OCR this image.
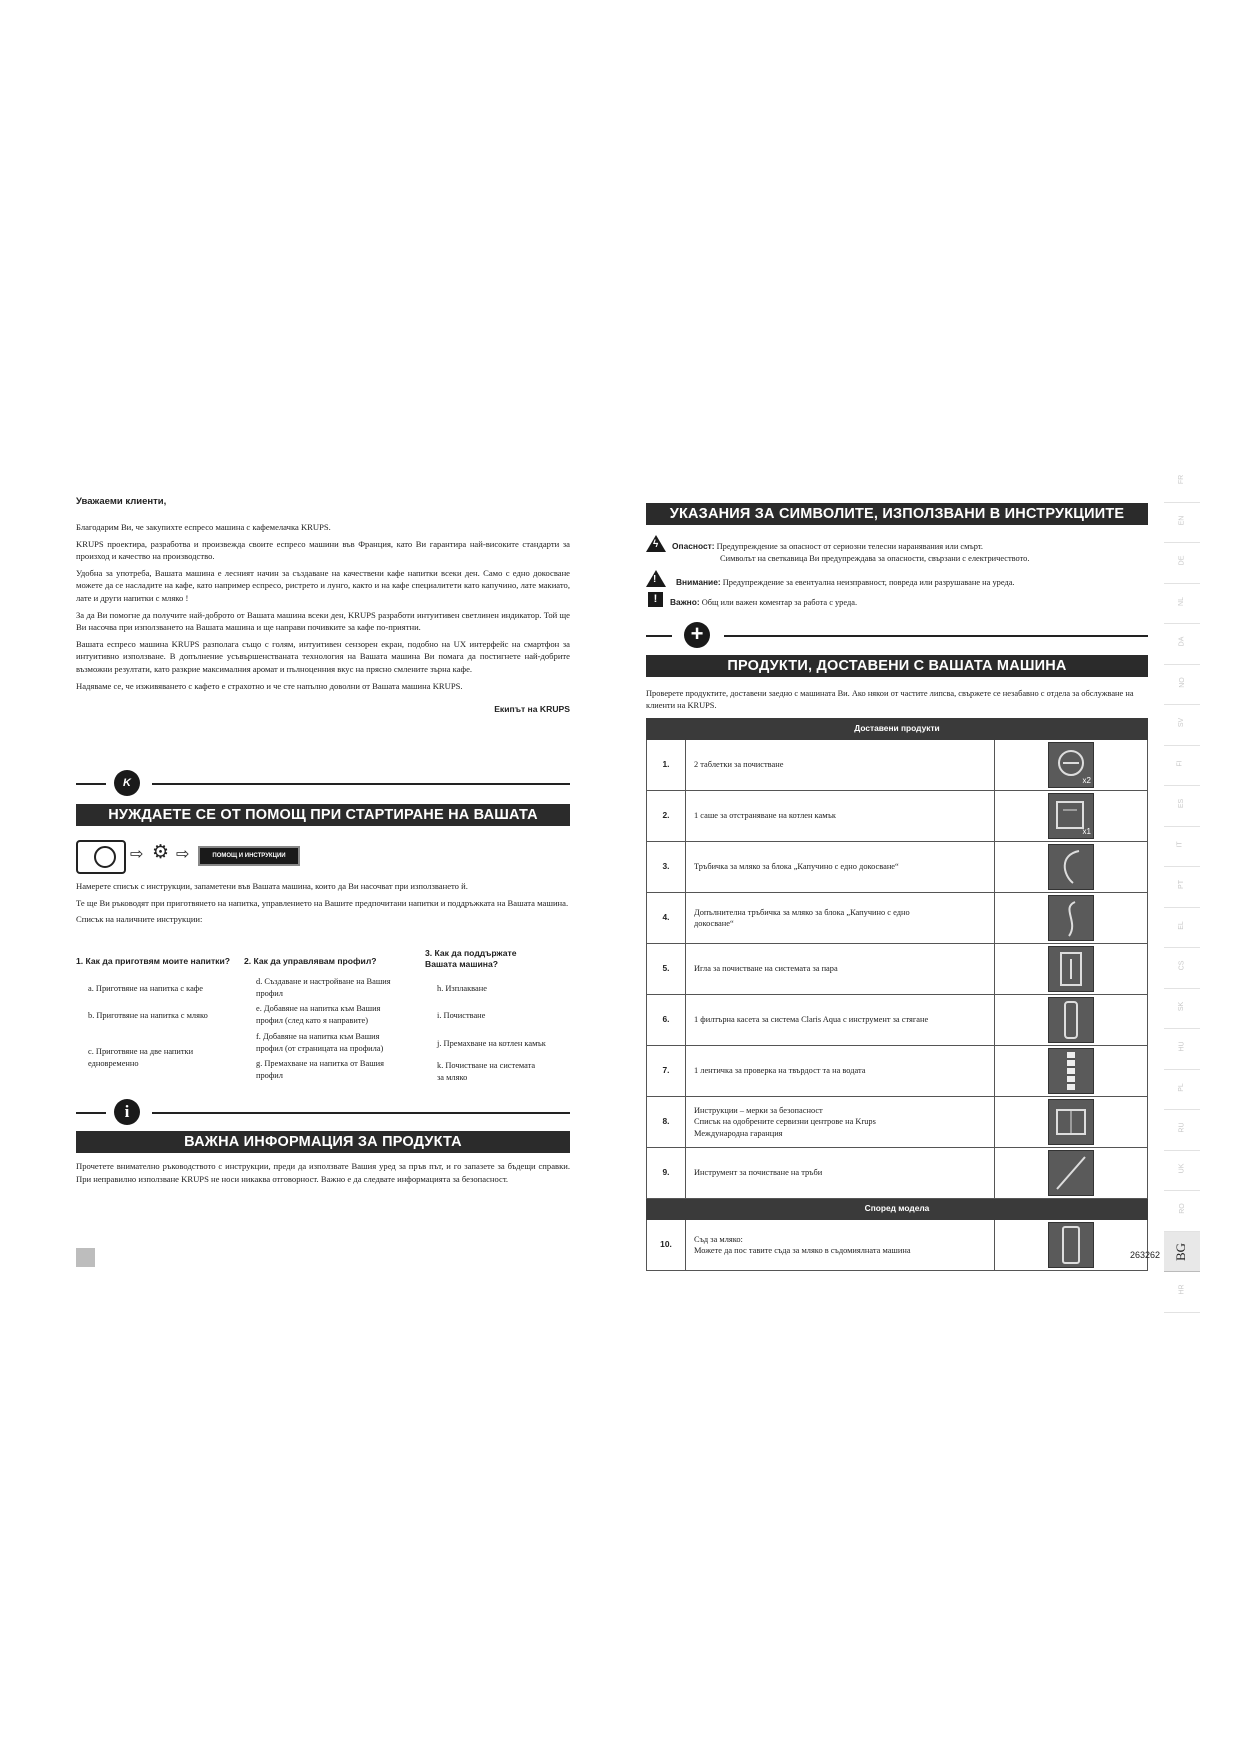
Уважаеми клиенти,

Благодарим Ви, че закупихте еспресо машина с кафемелачка KRUPS.

KRUPS проектира, разработва и произвежда своите еспресо машини във Франция, като Ви гарантира най-високите стандарти за произход и качество на производство.

Удобна за употреба, Вашата машина е лесният начин за създаване на качествени кафе напитки всеки ден. Само с едно докосване можете да се насладите на кафе, като например еспресо, ристрето и лунго, както и на кафе специалитети като капучино, лате макиато, лате и други напитки с мляко !

За да Ви помогне да получите най-доброто от Вашата машина всеки ден, KRUPS разработи интуитивен светлинен индикатор. Той ще Ви насочва при използването на Вашата машина и ще направи почивките за кафе по-приятни.

Вашата еспресо машина KRUPS разполага също с голям, интуитивен сензорен екран, подобно на UX интерфейс на смартфон за интуитивно използване. В допълнение усъвършенстваната технология на Вашата машина Ви помага да постигнете най-добрите възможни резултати, като разкрие максималния аромат и пълноценния вкус на прясно смлените зърна кафе.

Надяваме се, че изживяването с кафето е страхотно и че сте напълно доволни от Вашата машина KRUPS.

Екипът на KRUPS
K
НУЖДАЕТЕ СЕ ОТ ПОМОЩ ПРИ СТАРТИРАНЕ НА ВАШАТА МАШИНА?
⇨ ⚙ ⇨	ПОМОЩ И ИНСТРУКЦИИ

Намерете списък с инструкции, запаметени във Вашата машина, които да Ви насочват при използването й.

Те ще Ви ръководят при приготвянето на напитка, управлението на Вашите предпочитани напитки и поддръжката на Вашата машина.

Списък на наличните инструкции:

1. Как да приготвям моите напитки?
a. Приготвяне на напитка с кафе
b. Приготвяне на напитка с мляко
c. Приготвяне на две напитки
едновременно
2. Как да управлявам профил?
d. Създаване и настройване на Вашия
профил
e. Добавяне на напитка към Вашия
профил (след като я направите)
f. Добавяне на напитка към Вашия
профил (от страницата на профила)
g. Премахване на напитка от Вашия
профил
3. Как да поддържате
Вашата машина?
h. Изплакване
i. Почистване
j. Премахване на котлен камък
k. Почистване на системата
за мляко
i
ВАЖНА ИНФОРМАЦИЯ ЗА ПРОДУКТА

Прочетете внимателно ръководството с инструкции, преди да използвате Вашия уред за пръв път, и го запазете за бъдещи справки. При неправилно използване KRUPS не носи никаква отговорност. Важно е да следвате информацията за безопасност.

УКАЗАНИЯ ЗА СИМВОЛИТЕ, ИЗПОЛЗВАНИ В ИНСТРУКЦИИТЕ
ϟ Опасност: Предупреждение за опасност от сериозни телесни наранявания или смърт.
Символът на светкавица Ви предупреждава за опасности, свързани с електричеството.
! Внимание: Предупреждение за евентуална неизправност, повреда или разрушаване на уреда.
!	Важно: Общ или важен коментар за работа с уреда.
+
ПРОДУКТИ, ДОСТАВЕНИ С ВАШАТА МАШИНА
Проверете продуктите, доставени заедно с машината Ви. Ако някои от частите липсва, свържете се незабавно с отдела за обслужване на клиенти на KRUPS.
Доставени продукти		
1.	2 таблетки за почистване	x2

2.	1 саше за отстраняване на котлен камък	x1

3.	Тръбичка за мляко за блока „Капучино с едно докосване“	

4.	Допълнителна тръбичка за мляко за блока „Капучино с едно
докосване“	

5.	Игла за почистване на системата за пара	

6.	1 филтърна касета за система Claris Aqua с инструмент за стягане	

7.	1 лентичка за проверка на твърдост та на водата	

8.	Инструкции – мерки за безопасност
Списък на одобрените сервизни центрове на Krups
Международна гаранция	

9.	Инструмент за почистване на тръби	

Според модела		
10.	Съд за мляко:
Можете да пос тавите съда за мляко в съдомиялната машина		263262
FR
EN
DE
NL
DA
NO
SV
FI
ES
IT
PT
EL
CS
SK
HU
PL
RU
UK
RO
BG
HR
